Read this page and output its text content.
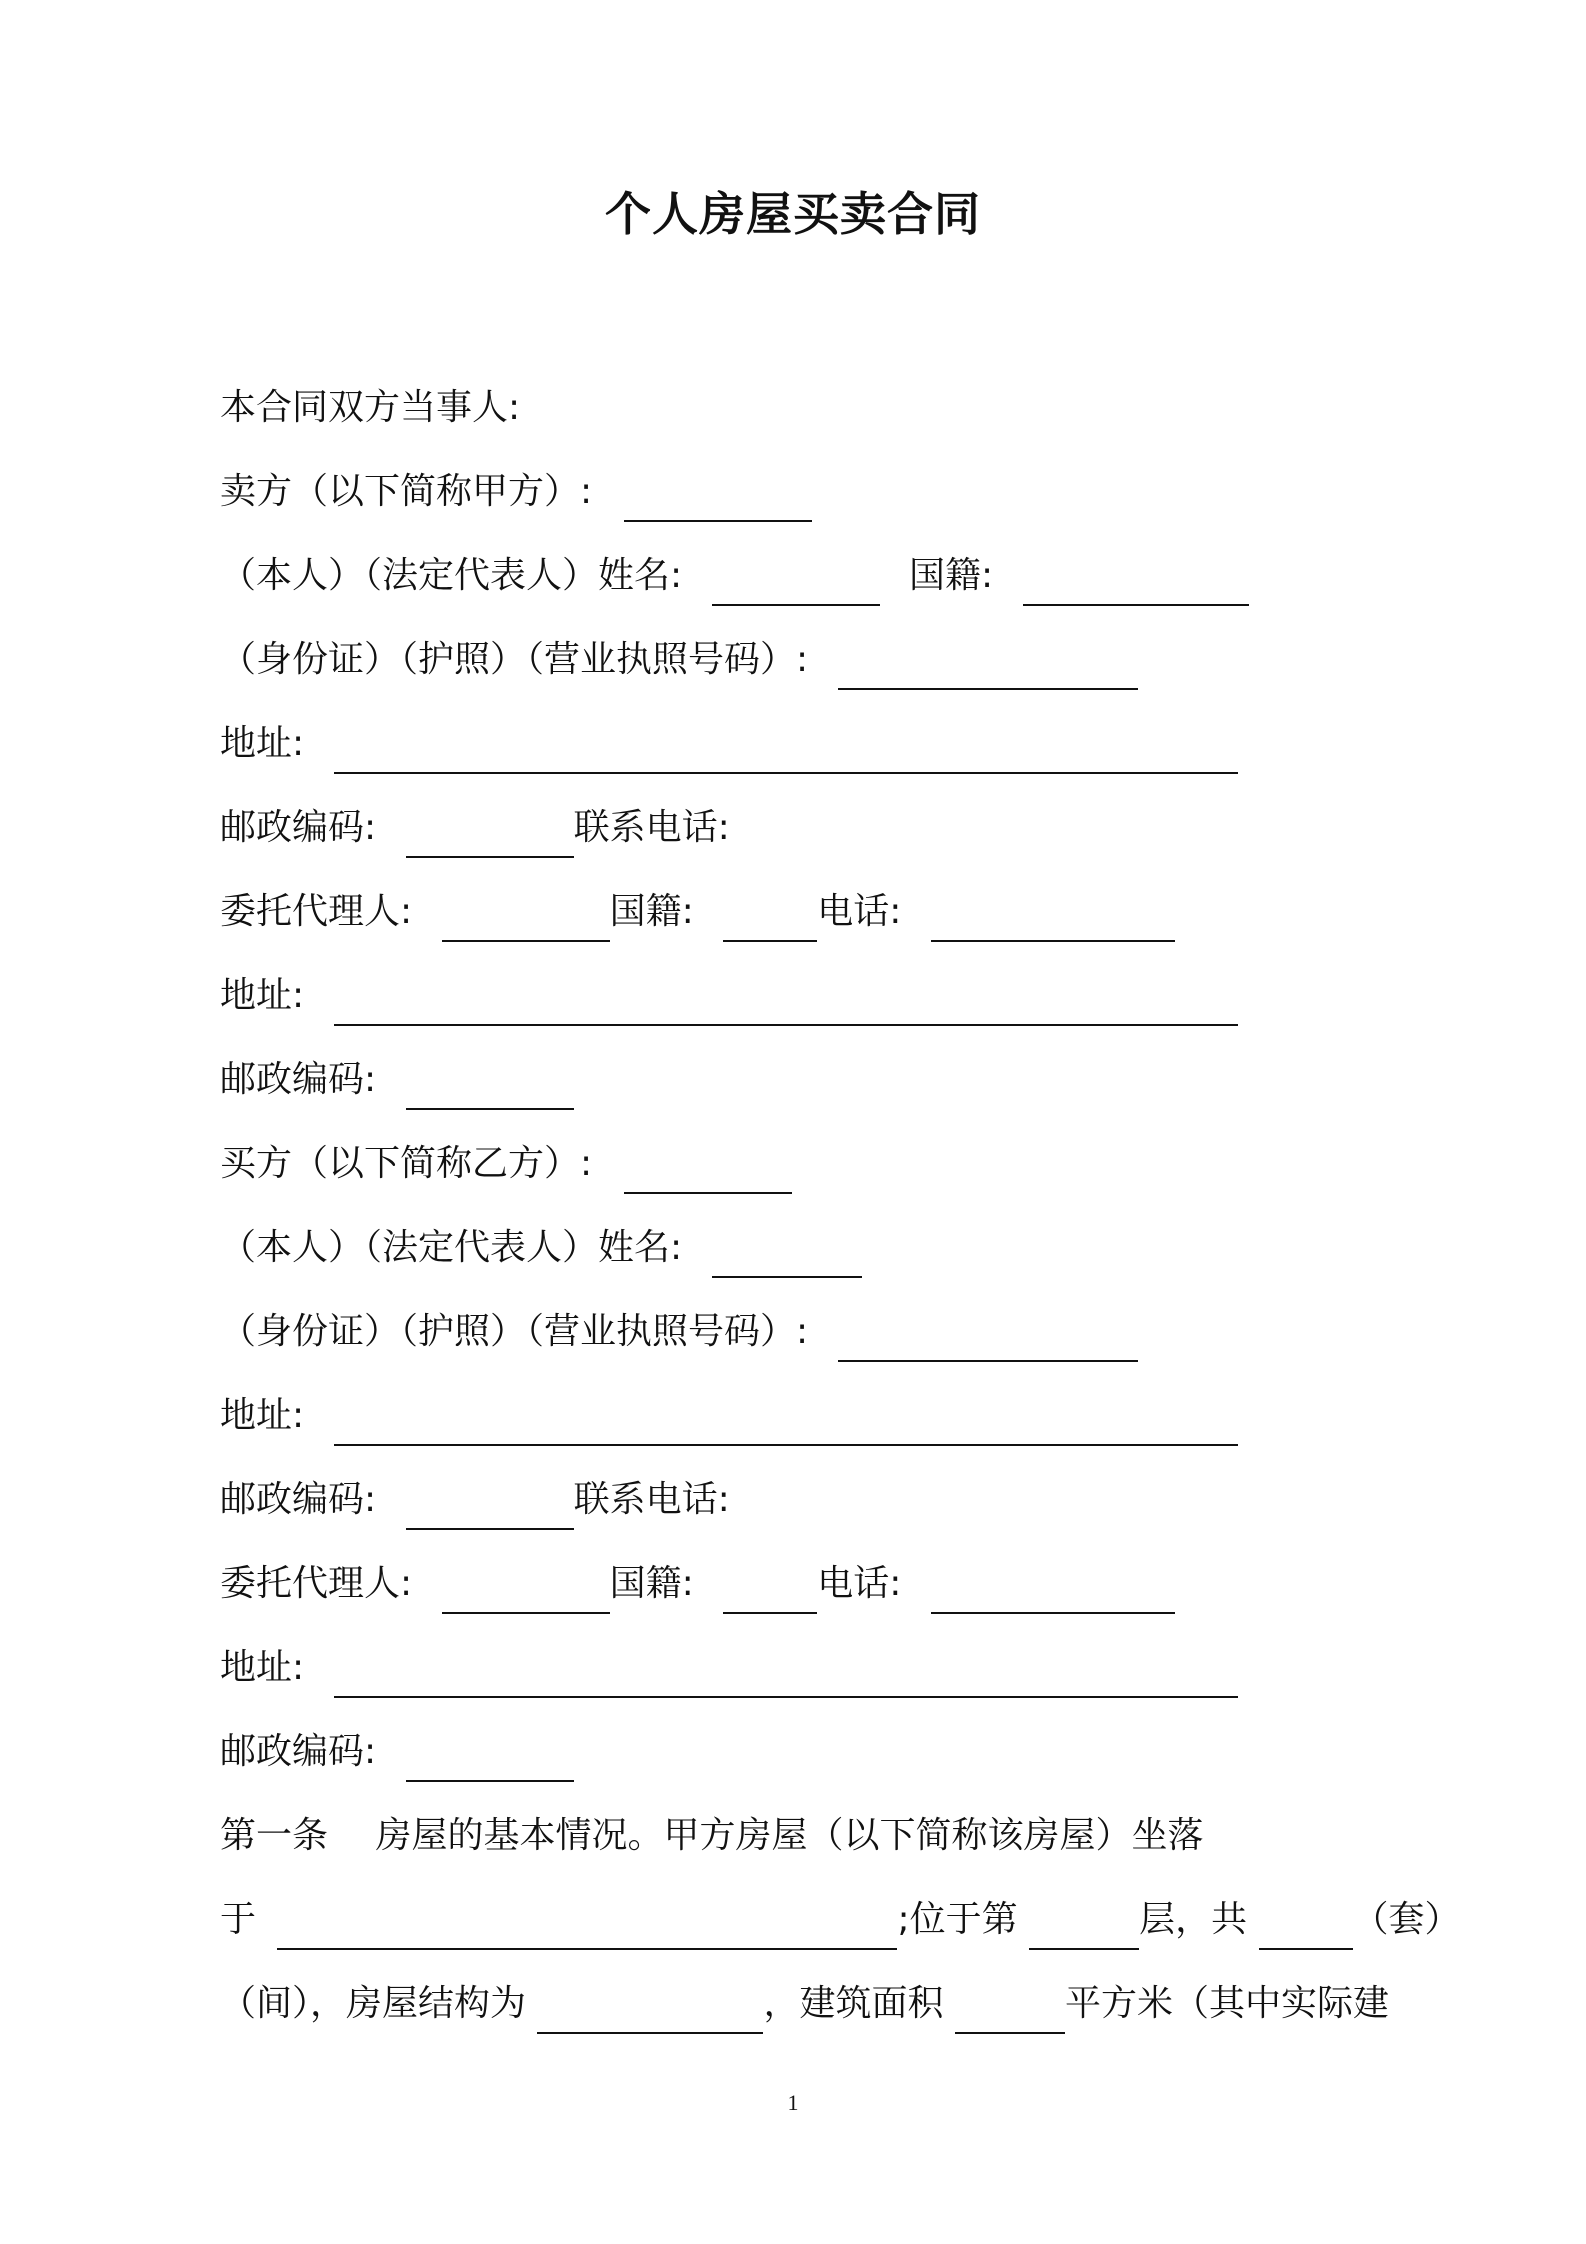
个人房屋买卖合同
本合同双方当事人:
卖方（以下简称甲方）:
（本人）（法定代表人）姓名:	国籍:
（身份证）（护照）（营业执照号码）:
地址:
邮政编码:	联系电话:
委托代理人:	国籍:	电话:
地址:
邮政编码:
买方（以下简称乙方）:
（本人）（法定代表人）姓名:
（身份证）（护照）（营业执照号码）:
地址:
邮政编码:	联系电话:
委托代理人:	国籍:	电话:
地址:
邮政编码:
第一条 房屋的基本情况。甲方房屋（以下简称该房屋）坐落
于	;位于第	层，共	（套）
（间），房屋结构为	，建筑面积	平方米（其中实际建
1
